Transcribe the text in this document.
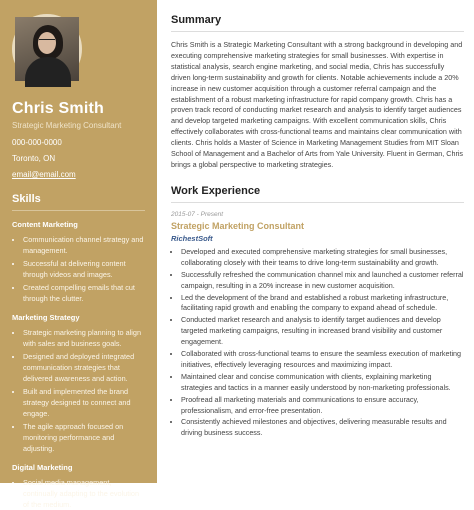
Chris Smith
Strategic Marketing Consultant
000-000-0000
Toronto, ON
email@email.com
Skills
Content Marketing
• Communication channel strategy and management.
• Successful at delivering content through videos and images.
• Created compelling emails that cut through the clutter.
Marketing Strategy
• Strategic marketing planning to align with sales and business goals.
• Designed and deployed integrated communication strategies that delivered awareness and action.
• Built and implemented the brand strategy designed to connect and engage.
• The agile approach focused on monitoring performance and adjusting.
Digital Marketing
• Social media management, continually adapting to the evolution of the medium.
Summary
Chris Smith is a Strategic Marketing Consultant with a strong background in developing and executing comprehensive marketing strategies for small businesses. With expertise in statistical analysis, search engine marketing, and social media, Chris has successfully driven long-term sustainability and growth for clients. Notable achievements include a 20% increase in new customer acquisition through a customer referral campaign and the establishment of a robust marketing infrastructure for rapid company growth. Chris has a proven track record of conducting market research and analysis to identify target audiences and develop targeted marketing campaigns. With excellent communication skills, Chris effectively collaborates with cross-functional teams and maintains clear communication with clients. Chris holds a Master of Science in Marketing Management Studies from MIT Sloan School of Management and a Bachelor of Arts from Yale University. Fluent in German, Chris brings a global perspective to marketing strategies.
Work Experience
2015-07 - Present
Strategic Marketing Consultant
RichestSoft
• Developed and executed comprehensive marketing strategies for small businesses, collaborating closely with their teams to drive long-term sustainability and growth.
• Successfully refreshed the communication channel mix and launched a customer referral campaign, resulting in a 20% increase in new customer acquisition.
• Led the development of the brand and established a robust marketing infrastructure, facilitating rapid growth and enabling the company to expand ahead of schedule.
• Conducted market research and analysis to identify target audiences and develop targeted marketing campaigns, resulting in increased brand visibility and customer engagement.
• Collaborated with cross-functional teams to ensure the seamless execution of marketing initiatives, effectively leveraging resources and maximizing impact.
• Maintained clear and concise communication with clients, explaining marketing strategies and tactics in a manner easily understood by non-marketing professionals.
• Proofread all marketing materials and communications to ensure accuracy, professionalism, and error-free presentation.
• Consistently achieved milestones and objectives, delivering measurable results and driving business success.
